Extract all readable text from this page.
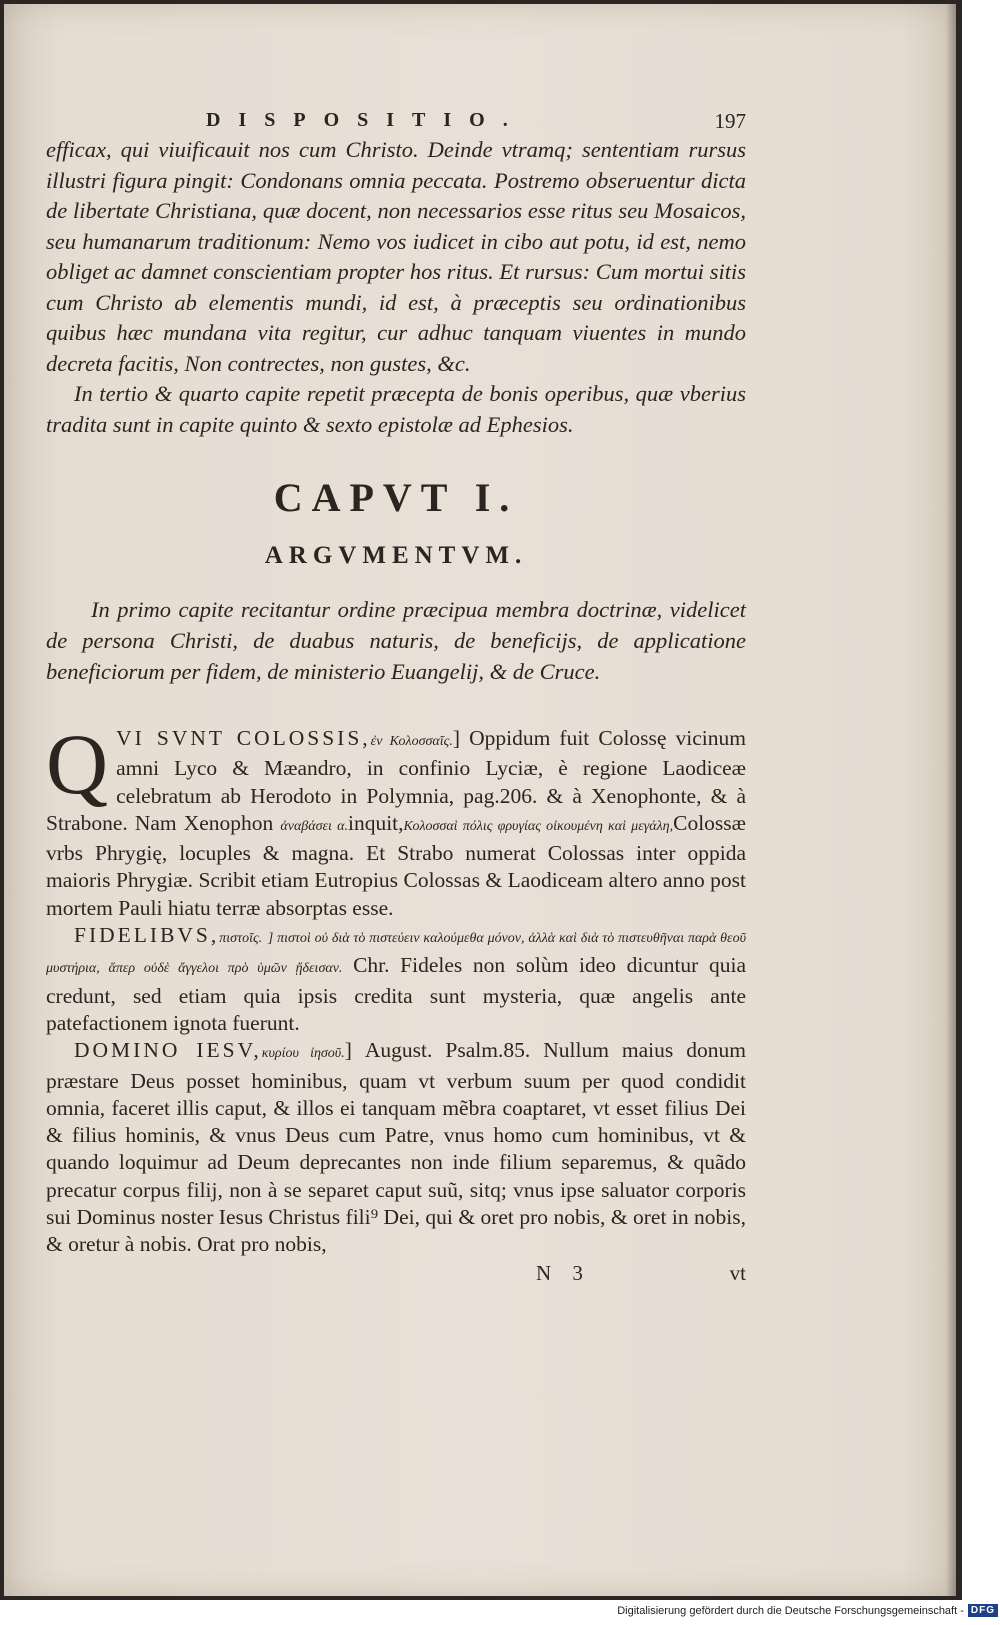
DISPOSITIO.	197

efficax, qui viuificauit nos cum Christo. Deinde vtramq; sententiam rursus illustri figura pingit: Condonans omnia peccata. Postremo obseruentur dicta de libertate Christiana, quæ docent, non necessarios esse ritus seu Mosaicos, seu humanarum traditionum: Nemo vos iudicet in cibo aut potu, id est, nemo obliget ac damnet conscientiam propter hos ritus. Et rursus: Cum mortui sitis cum Christo ab elementis mundi, id est, à præceptis seu ordinationibus quibus hæc mundana vita regitur, cur adhuc tanquam viuentes in mundo decreta facitis, Non contrectes, non gustes, &c.

In tertio & quarto capite repetit præcepta de bonis operibus, quæ vberius tradita sunt in capite quinto & sexto epistolæ ad Ephesios.

CAPVT I.
ARGVMENTVM.

In primo capite recitantur ordine præcipua membra doctrinæ, videlicet de persona Christi, de duabus naturis, de beneficijs, de applicatione beneficiorum per fidem, de ministerio Euangelij, & de Cruce.

Q VI SVNT COLOSSIS,ἐν Κολοσσαῖς.] Oppidum fuit Colossę vicinum amni Lyco & Mæandro, in confinio Lyciæ, è regione Laodiceæ celebratum ab Herodoto in Polymnia, pag.206. & à Xenophonte, & à Strabone. Nam Xenophon ἀναβάσει α.inquit,Κολοσσαὶ πόλις φρυγίας οἰκουμένη καὶ μεγάλη,Colossæ vrbs Phrygię, locuples & magna. Et Strabo numerat Colossas inter oppida maioris Phrygiæ. Scribit etiam Eutropius Colossas & Laodiceam altero anno post mortem Pauli hiatu terræ absorptas esse.

FIDELIBVS,πιστοῖς. ] πιστοὶ οὐ διὰ τὸ πιστεύειν καλούμεθα μόνον, ἀλλὰ καὶ διὰ τὸ πιστευθῆναι παρὰ θεοῦ μυστήρια, ἅπερ οὐδὲ ἄγγελοι πρὸ ὑμῶν ᾔδεισαν. Chr. Fideles non solùm ideo dicuntur quia credunt, sed etiam quia ipsis credita sunt mysteria, quæ angelis ante patefactionem ignota fuerunt.

DOMINO IESV,κυρίου ἰησοῦ.] August. Psalm.85. Nullum maius donum præstare Deus posset hominibus, quam vt verbum suum per quod condidit omnia, faceret illis caput, & illos ei tanquam mẽbra coaptaret, vt esset filius Dei & filius hominis, & vnus Deus cum Patre, vnus homo cum hominibus, vt & quando loquimur ad Deum deprecantes non inde filium separemus, & quãdo precatur corpus filij, non à se separet caput suũ, sitq; vnus ipse saluator corporis sui Dominus noster Iesus Christus fili⁹ Dei, qui & oret pro nobis, & oret in nobis, & oretur à nobis. Orat pro nobis,

N 3	vt
Digitalisierung gefördert durch die Deutsche Forschungsgemeinschaft - DFG
